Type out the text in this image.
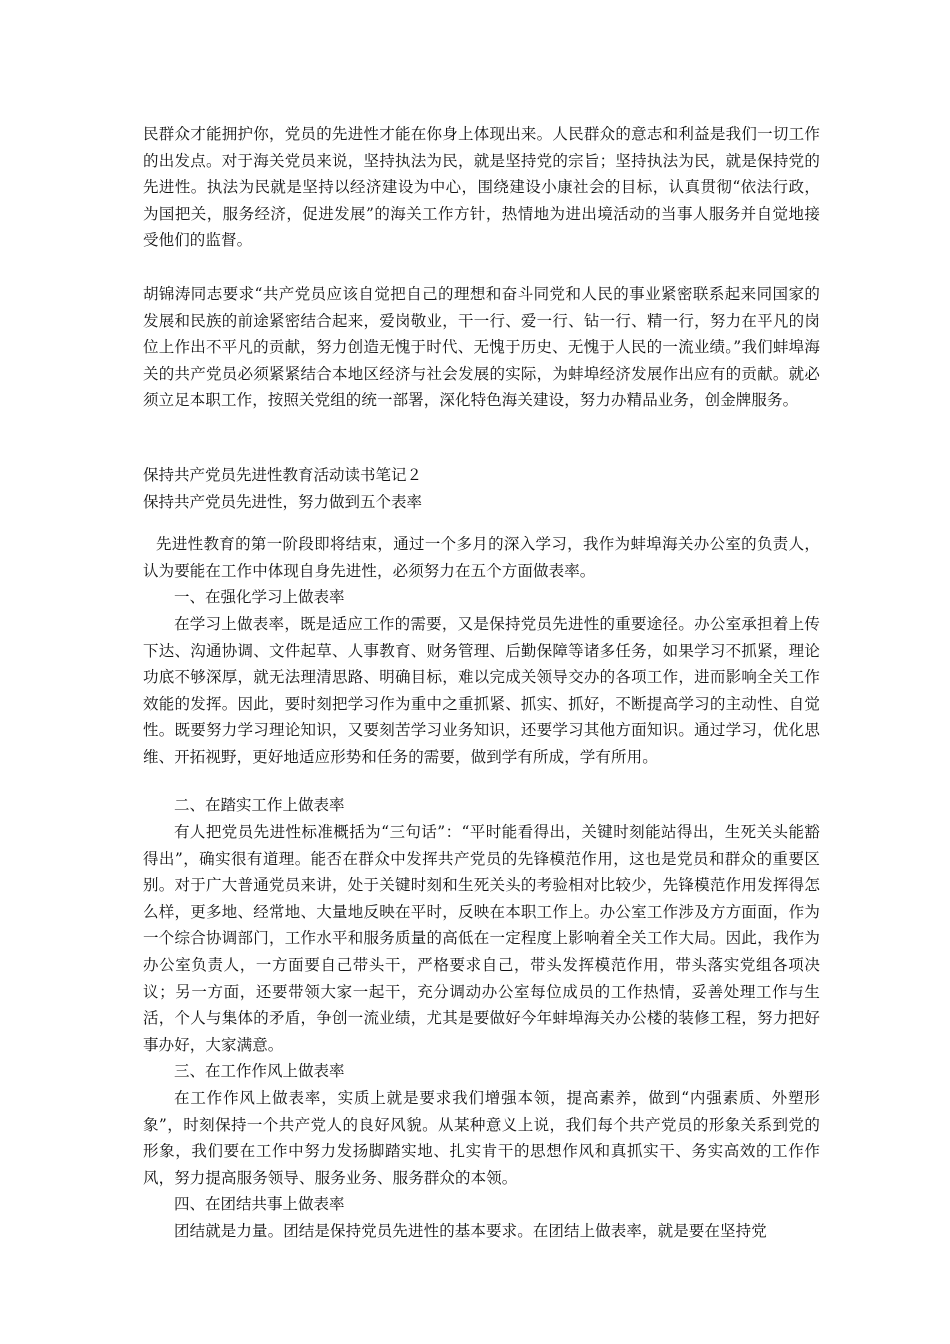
民群众才能拥护你，党员的先进性才能在你身上体现出来。人民群众的意志和利益是我们一切工作的出发点。对于海关党员来说，坚持执法为民，就是坚持党的宗旨；坚持执法为民，就是保持党的先进性。执法为民就是坚持以经济建设为中心，围绕建设小康社会的目标，认真贯彻“依法行政，为国把关，服务经济，促进发展”的海关工作方针，热情地为进出境活动的当事人服务并自觉地接受他们的监督。

胡锦涛同志要求“共产党员应该自觉把自己的理想和奋斗同党和人民的事业紧密联系起来同国家的发展和民族的前途紧密结合起来，爱岗敬业，干一行、爱一行、钻一行、精一行，努力在平凡的岗位上作出不平凡的贡献，努力创造无愧于时代、无愧于历史、无愧于人民的一流业绩。”我们蚌埠海关的共产党员必须紧紧结合本地区经济与社会发展的实际，为蚌埠经济发展作出应有的贡献。就必须立足本职工作，按照关党组的统一部署，深化特色海关建设，努力办精品业务，创金牌服务。

保持共产党员先进性教育活动读书笔记２

保持共产党员先进性，努力做到五个表率

先进性教育的第一阶段即将结束，通过一个多月的深入学习，我作为蚌埠海关办公室的负责人，认为要能在工作中体现自身先进性，必须努力在五个方面做表率。

一、在强化学习上做表率

在学习上做表率，既是适应工作的需要，又是保持党员先进性的重要途径。办公室承担着上传下达、沟通协调、文件起草、人事教育、财务管理、后勤保障等诸多任务，如果学习不抓紧，理论功底不够深厚，就无法理清思路、明确目标，难以完成关领导交办的各项工作，进而影响全关工作效能的发挥。因此，要时刻把学习作为重中之重抓紧、抓实、抓好，不断提高学习的主动性、自觉性。既要努力学习理论知识，又要刻苦学习业务知识，还要学习其他方面知识。通过学习，优化思维、开拓视野，更好地适应形势和任务的需要，做到学有所成，学有所用。

二、在踏实工作上做表率

有人把党员先进性标准概括为“三句话”：“平时能看得出，关键时刻能站得出，生死关头能豁得出”，确实很有道理。能否在群众中发挥共产党员的先锋模范作用，这也是党员和群众的重要区别。对于广大普通党员来讲，处于关键时刻和生死关头的考验相对比较少，先锋模范作用发挥得怎么样，更多地、经常地、大量地反映在平时，反映在本职工作上。办公室工作涉及方方面面，作为一个综合协调部门，工作水平和服务质量的高低在一定程度上影响着全关工作大局。因此，我作为办公室负责人，一方面要自己带头干，严格要求自己，带头发挥模范作用，带头落实党组各项决议；另一方面，还要带领大家一起干，充分调动办公室每位成员的工作热情，妥善处理工作与生活，个人与集体的矛盾，争创一流业绩，尤其是要做好今年蚌埠海关办公楼的装修工程，努力把好事办好，大家满意。

三、在工作作风上做表率

在工作作风上做表率，实质上就是要求我们增强本领，提高素养，做到“内强素质、外塑形象”，时刻保持一个共产党人的良好风貌。从某种意义上说，我们每个共产党员的形象关系到党的形象，我们要在工作中努力发扬脚踏实地、扎实肯干的思想作风和真抓实干、务实高效的工作作风，努力提高服务领导、服务业务、服务群众的本领。

四、在团结共事上做表率

团结就是力量。团结是保持党员先进性的基本要求。在团结上做表率，就是要在坚持党
